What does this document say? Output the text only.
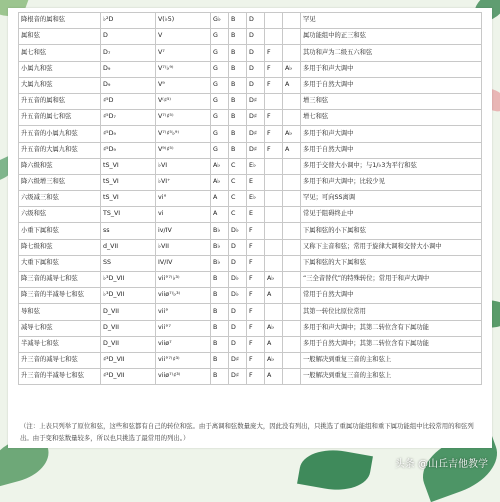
降根音的属和弦	♭²D	V(♭5)	G♭	B	D			罕见
属和弦	D	V	G	B	D			属功能组中的正三和弦
属七和弦	D₇	V⁷	G	B	D	F		其功和声为二级五六和弦
小属九和弦	D₉	V⁷⁽♭⁹⁾	G	B	D	F	A♭	多用于和声大调中
大属九和弦	D₉	V⁹	G	B	D	F	A	多用于自然大调中
升五音的属和弦	♯⁵D	V⁽♯⁵⁾	G	B	D♯			增三和弦
升五音的属七和弦	♯⁵D₇	V⁷⁽♯⁵⁾	G	B	D♯	F		增七和弦
升五音的小属九和弦	♯⁵D₉	V⁷⁽♯⁵♭⁹⁾	G	B	D♯	F	A♭	多用于和声大调中
升五音的大属九和弦	♯⁵D₉	V⁹⁽♯⁵⁾	G	B	D♯	F	A	多用于自然大调中
降六级和弦	tS_VI	♭VI	A♭	C	E♭			多用于交替大小调中；与1/♭3为平行和弦
降六级增三和弦	tS_VI	♭VI⁺	A♭	C	E			多用于和声大调中；比较少见
六级减三和弦	tS_VI	vi°	A	C	E♭			罕见；可向SS离调
六级和弦	TS_VI	vi	A	C	E			常见于阻碍终止中
小重下属和弦	ss	iv/IV	B♭	D♭	F			下属和弦的小下属和弦
降七级和弦	d_VII	♭VII	B♭	D	F			又称下主音和弦；常用于旋律大调和交替大小调中
大重下属和弦	SS	IV/IV	B♭	D	F			下属和弦的大下属和弦
降三音的减导七和弦	♭³D_VII	vii°⁷⁽♭³⁾	B	D♭	F	A♭		“三全音替代”的特殊转位；常用于和声大调中
降三音的半减导七和弦	♭³D_VII	viiø⁷⁽♭³⁾	B	D♭	F	A		常用于自然大调中
导和弦	D_VII	vii°	B	D	F			其第一转位比原位常用
减导七和弦	D_VII	vii°⁷	B	D	F	A♭		多用于和声大调中；其第二转位含有下属功能
半减导七和弦	D_VII	viiø⁷	B	D	F	A		多用于自然大调中；其第二转位含有下属功能
升三音的减导七和弦	♯³D_VII	vii°⁷⁽♯³⁾	B	D♯	F	A♭		一般解决到重复三音的主和弦上
升三音的半减导七和弦	♯³D_VII	viiø⁷⁽♯³⁾	B	D♯	F	A		一般解决到重复三音的主和弦上
（注：上表只列举了原位和弦，这些和弦都有自己的转位和弦。由于离调和弦数量庞大，因此没有列出，只挑选了重属功能组和重下属功能组中比较常用的和弦列出。由于变和弦数量较多，所以也只挑选了最常用的列出。）
头条 @山丘吉他教学
